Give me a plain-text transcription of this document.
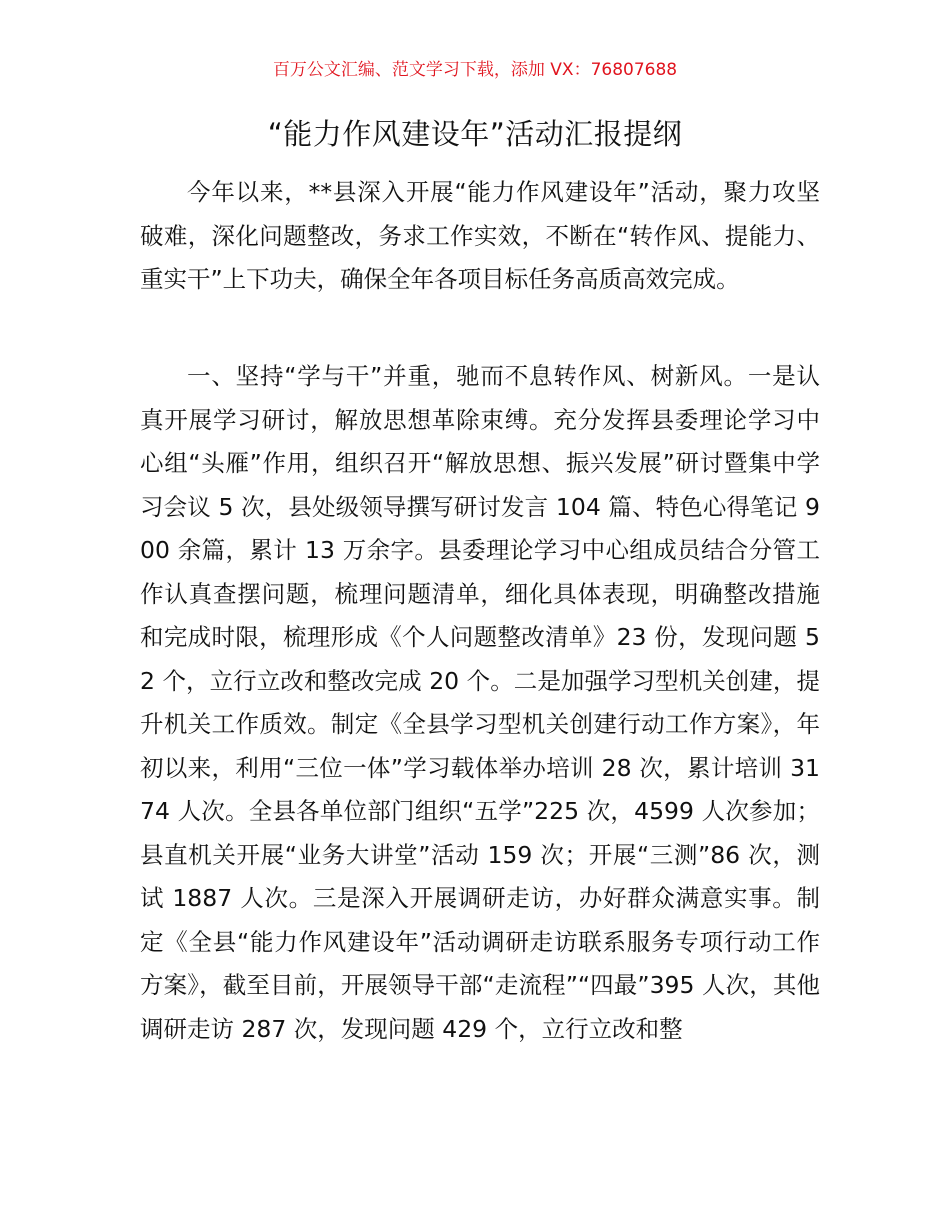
百万公文汇编、范文学习下载，添加 VX：76807688
“能力作风建设年”活动汇报提纲

今年以来，**县深入开展“能力作风建设年”活动，聚力攻坚破难，深化问题整改，务求工作实效，不断在“转作风、提能力、重实干”上下功夫，确保全年各项目标任务高质高效完成。

一、坚持“学与干”并重，驰而不息转作风、树新风。一是认真开展学习研讨，解放思想革除束缚。充分发挥县委理论学习中心组“头雁”作用，组织召开“解放思想、振兴发展”研讨暨集中学习会议 5 次，县处级领导撰写研讨发言 104 篇、特色心得笔记 900 余篇，累计 13 万余字。县委理论学习中心组成员结合分管工作认真查摆问题，梳理问题清单，细化具体表现，明确整改措施和完成时限，梳理形成《个人问题整改清单》23 份，发现问题 52 个，立行立改和整改完成 20 个。二是加强学习型机关创建，提升机关工作质效。制定《全县学习型机关创建行动工作方案》，年初以来，利用“三位一体”学习载体举办培训 28 次，累计培训 3174 人次。全县各单位部门组织“五学”225 次，4599 人次参加；县直机关开展“业务大讲堂”活动 159 次；开展“三测”86 次，测试 1887 人次。三是深入开展调研走访，办好群众满意实事。制定《全县“能力作风建设年”活动调研走访联系服务专项行动工作方案》，截至目前，开展领导干部“走流程”“四最”395 人次，其他调研走访 287 次，发现问题 429 个，立行立改和整
